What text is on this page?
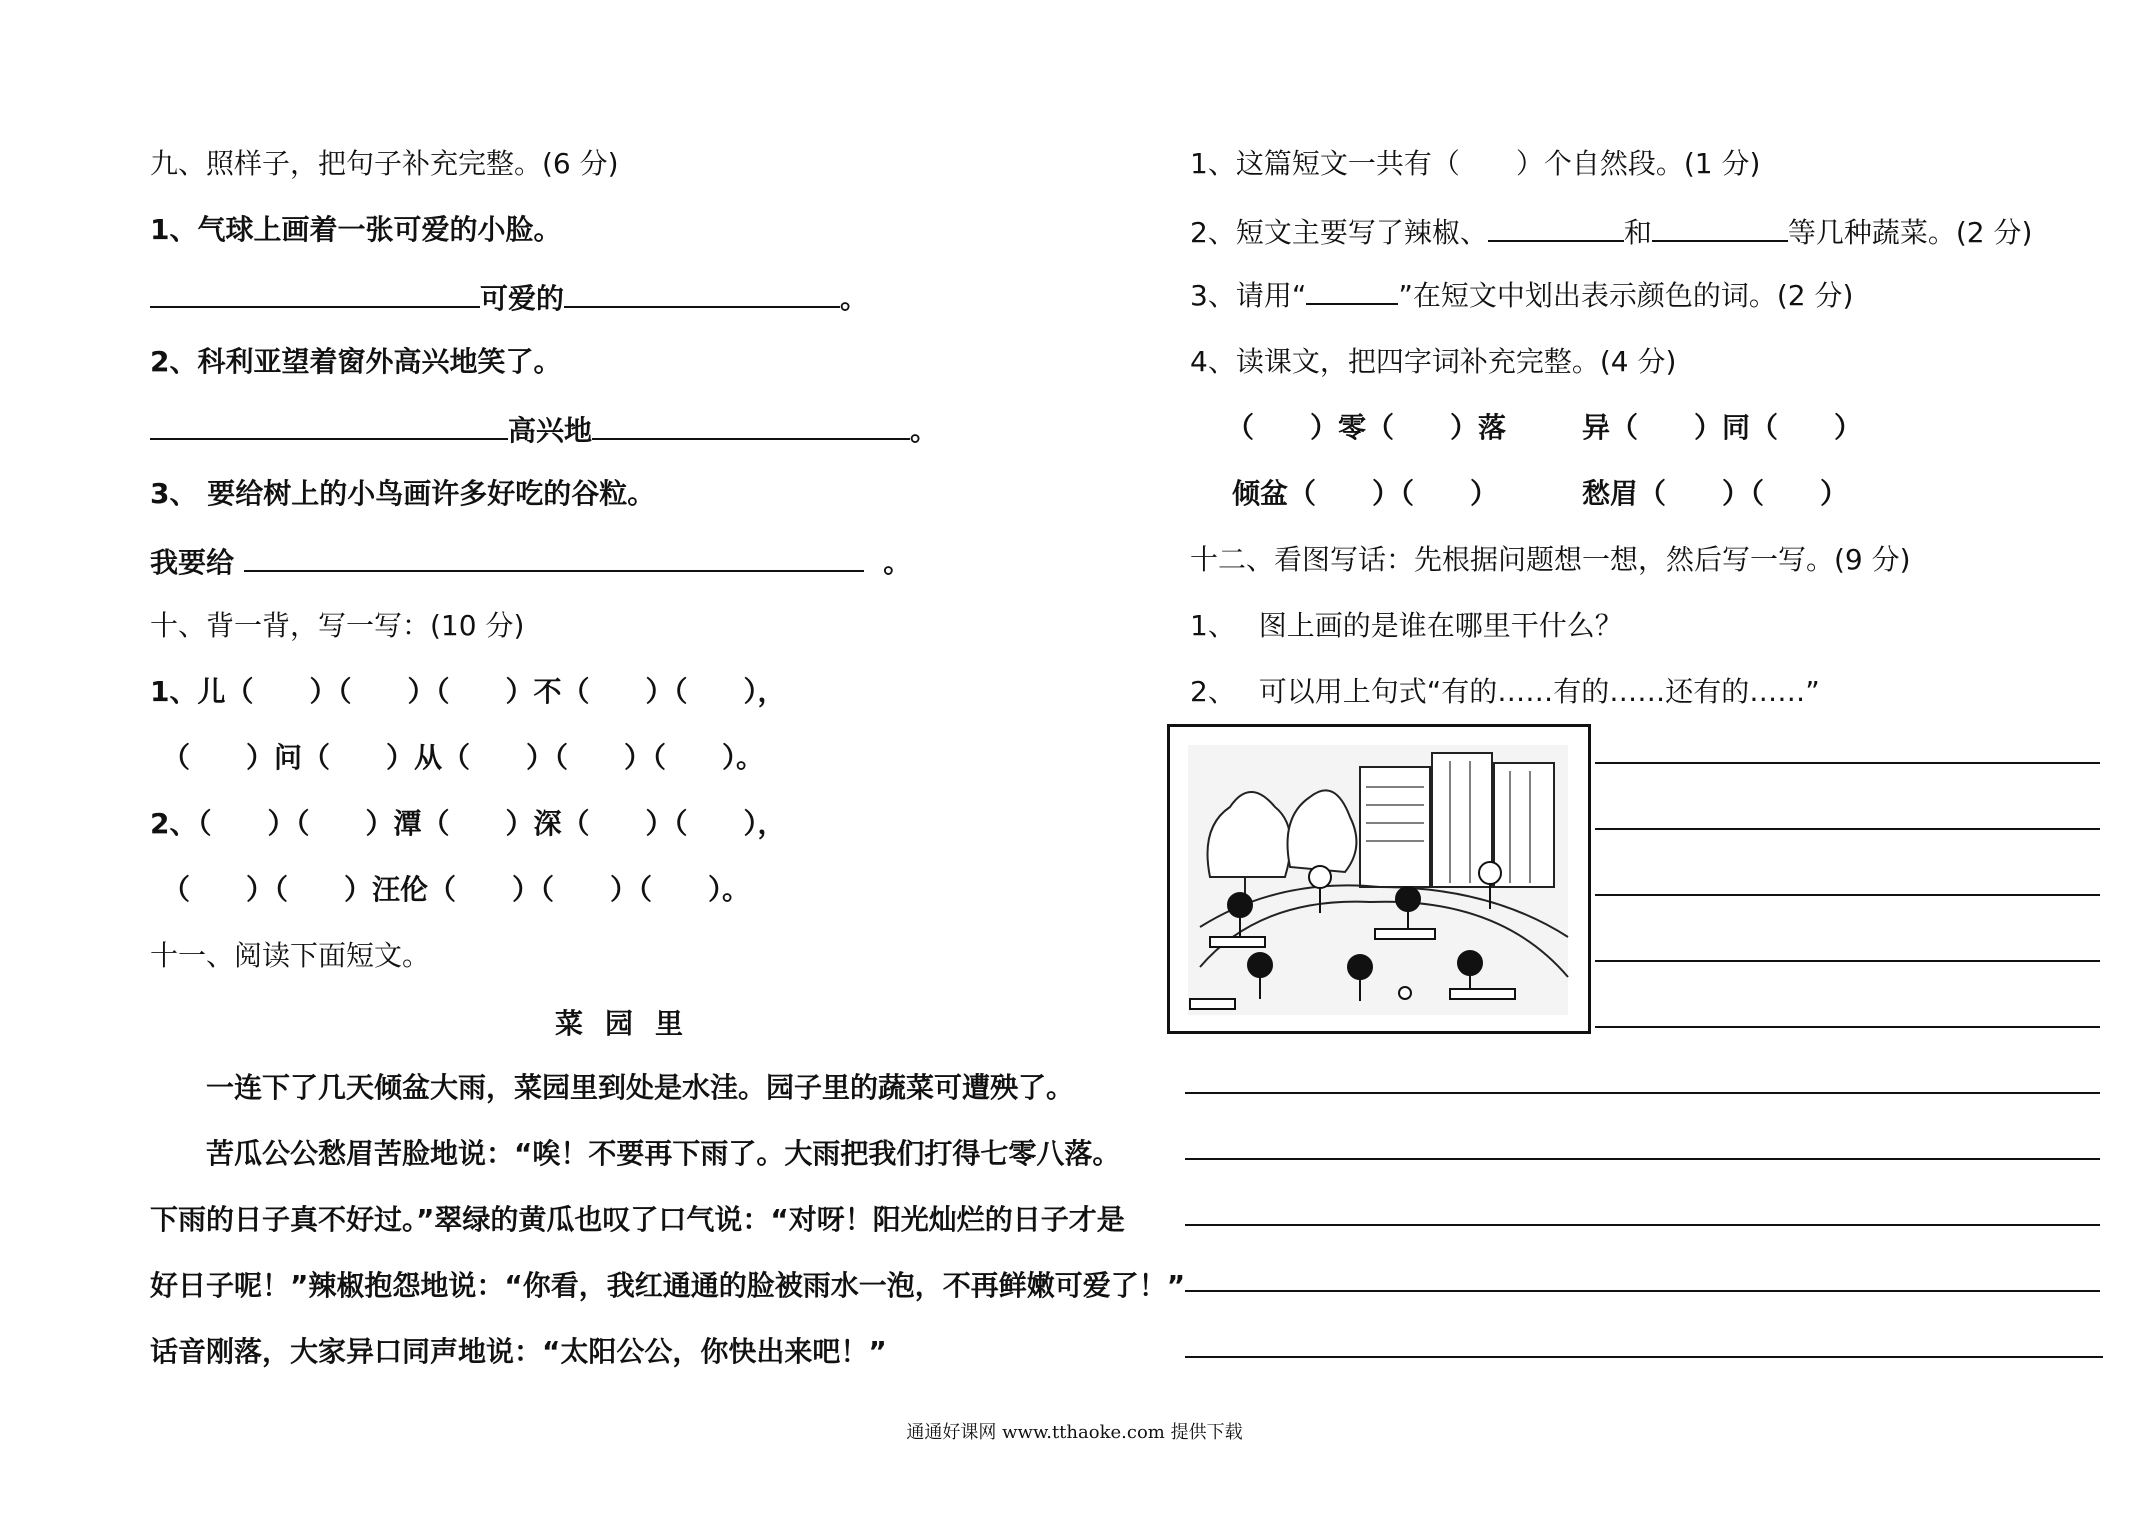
九、照样子，把句子补充完整。(6 分)
1、气球上画着一张可爱的小脸。
可爱的	。
2、科利亚望着窗外高兴地笑了。
高兴地	。
3、 要给树上的小鸟画许多好吃的谷粒。
我要给	。
十、背一背，写一写：(10 分)
1、儿（　　）（　　）（　　）不（　　）（　　），
（　　）问（　　）从（　　）（　　）（　　）。
2、（　　）（　　）潭（　　）深（　　）（　　），
（　　）（　　）汪伦（　　）（　　）（　　）。
十一、阅读下面短文。
菜园里
一连下了几天倾盆大雨，菜园里到处是水洼。园子里的蔬菜可遭殃了。
苦瓜公公愁眉苦脸地说：“唉！不要再下雨了。大雨把我们打得七零八落。
下雨的日子真不好过。”翠绿的黄瓜也叹了口气说：“对呀！阳光灿烂的日子才是
好日子呢！”辣椒抱怨地说：“你看，我红通通的脸被雨水一泡，不再鲜嫩可爱了！”
话音刚落，大家异口同声地说：“太阳公公，你快出来吧！”
1、这篇短文一共有（　　）个自然段。(1 分)
2、短文主要写了辣椒、	和	等几种蔬菜。(2 分)
3、请用“	”在短文中划出表示颜色的词。(2 分)
4、读课文，把四字词补充完整。(4 分)
（　　）零（　　）落	异（　　）同（　　）
倾盆（　　）（　　）	愁眉（　　）（　　）
十二、看图写话：先根据问题想一想，然后写一写。(9 分)
1、　 图上画的是谁在哪里干什么？
2、　 可以用上句式“有的……有的……还有的……”
通通好课网 www.tthaoke.com 提供下载
